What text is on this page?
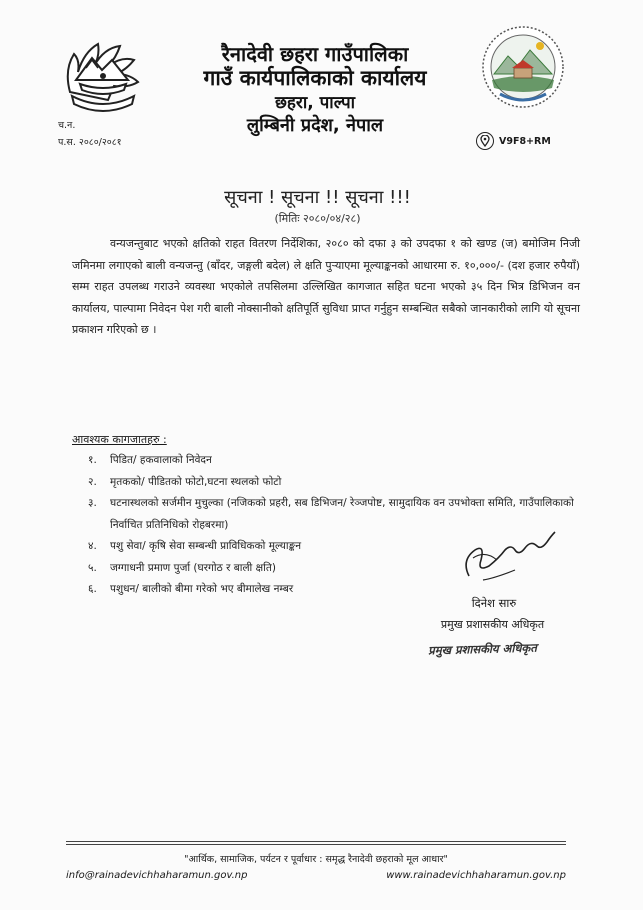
रैनादेवी छहरा गाउँपालिका
गाउँ कार्यपालिकाको कार्यालय
छहरा, पाल्पा
लुम्बिनी प्रदेश, नेपाल
च.न.
प.स. २०८०/२०८१	V9F8+RM
सूचना ! सूचना !! सूचना !!!
(मितिः २०८०/०४/२८)
वन्यजन्तुबाट भएको क्षतिको राहत वितरण निर्देशिका, २०८० को दफा ३ को उपदफा १ को खण्ड (ज) बमोजिम निजी जमिनमा लगाएको बाली वन्यजन्तु (बाँदर, जङ्गली बदेल) ले क्षति पुऱ्याएमा मूल्याङ्कनको आधारमा रु. १०,०००/- (दश हजार रुपैयाँ) सम्म राहत उपलब्ध गराउने व्यवस्था भएकोले तपसिलमा उल्लिखित कागजात सहित घटना भएको ३५ दिन भित्र डिभिजन वन कार्यालय, पाल्पामा निवेदन पेश गरी बाली नोक्सानीको क्षतिपूर्ति सुविधा प्राप्त गर्नुहुन सम्बन्धित सबैको जानकारीको लागि यो सूचना प्रकाशन गरिएको छ ।
आवश्यक कागजातहरु :
१.	पिडित/ हकवालाको निवेदन
२.	मृतकको/ पीडितको फोटो,घटना स्थलको फोटो
३.	घटनास्थलको सर्जमीन मुचुल्का (नजिकको प्रहरी, सब डिभिजन/ रेञ्जपोष्ट, सामुदायिक वन उपभोक्ता समिति, गाउँपालिकाको निर्वाचित प्रतिनिधिको रोहबरमा)
४.	पशु सेवा/ कृषि सेवा सम्बन्धी प्राविधिकको मूल्याङ्कन
५.	जग्गाधनी प्रमाण पुर्जा (घरगोठ र बाली क्षति)
६.	पशुधन/ बालीको बीमा गरेको भए बीमालेख नम्बर
दिनेश सारु
प्रमुख प्रशासकीय अधिकृत
प्रमुख प्रशासकीय अधिकृत
"आर्थिक, सामाजिक, पर्यटन र पूर्वाधार : समृद्ध रैनादेवी छहराको मूल आधार"
info@rainadevichhaharamun.gov.np	www.rainadevichhaharamun.gov.np
